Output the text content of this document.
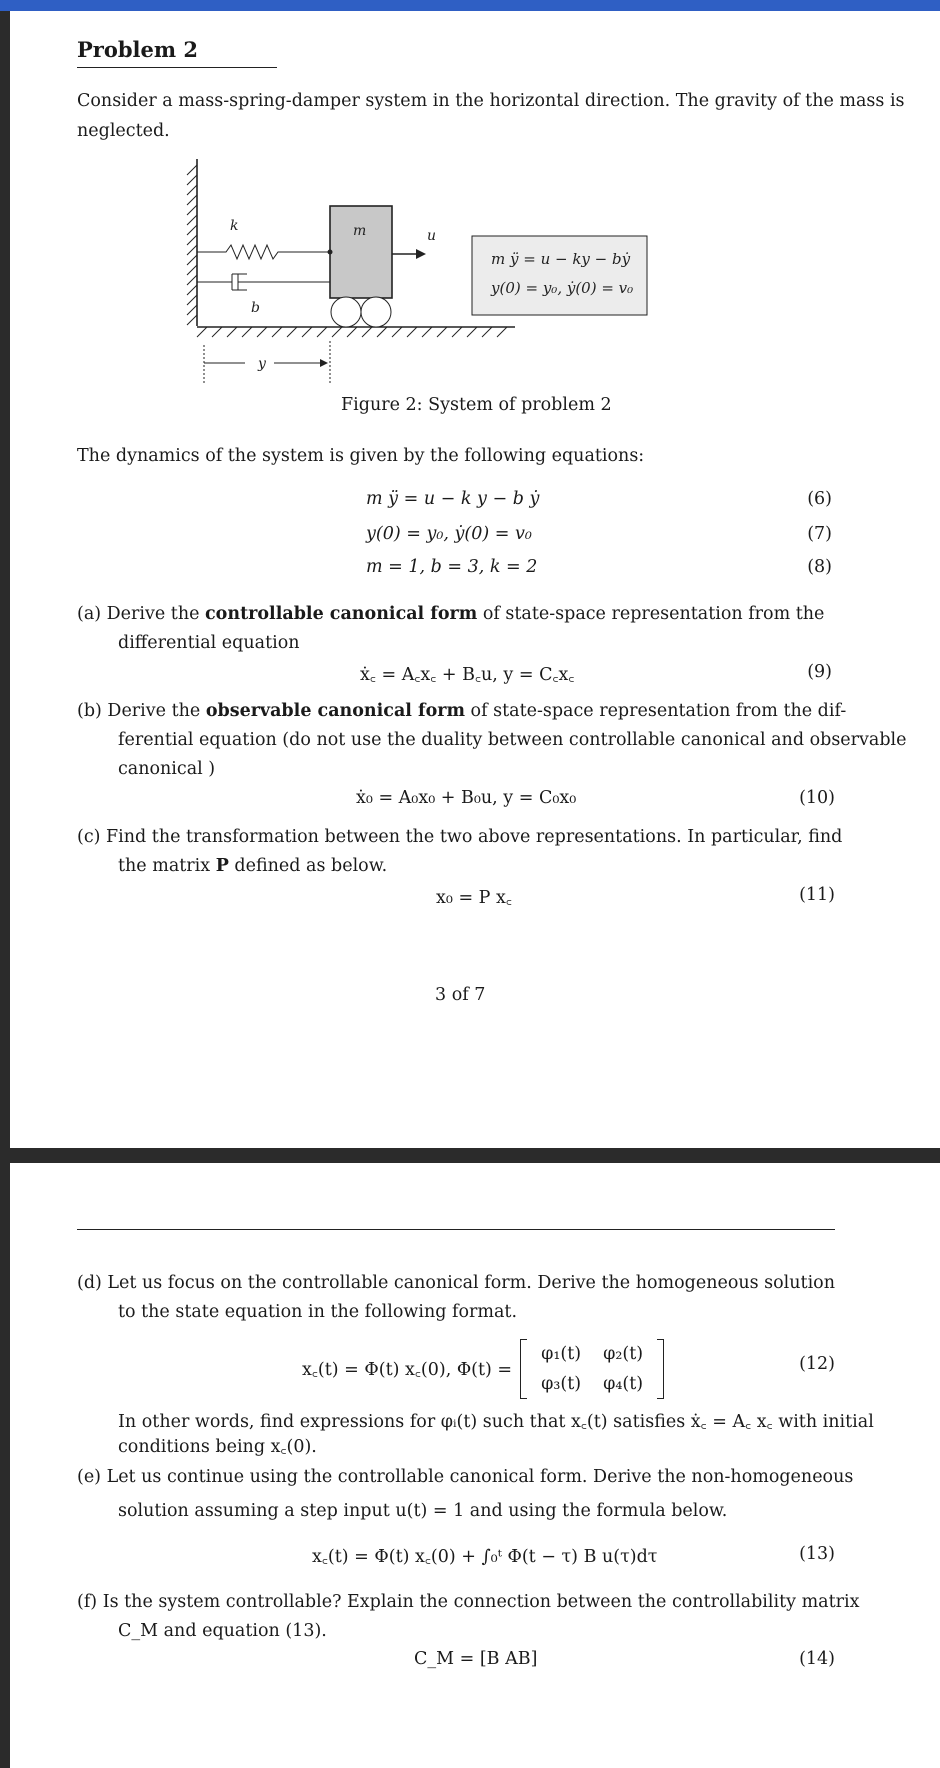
Problem 2
Consider a mass-spring-damper system in the horizontal direction. The gravity of the mass is
neglected.
k
b
m	u
m ÿ = u − ky − bẏ
y(0) = y₀, ẏ(0) = v₀
y
Figure 2: System of problem 2
The dynamics of the system is given by the following equations:
m ÿ = u − k y − b ẏ	(6)
y(0) = y₀, ẏ(0) = v₀	(7)
m = 1, b = 3, k = 2	(8)
(a) Derive the controllable canonical form of state-space representation from the
differential equation
ẋ꜀ = A꜀x꜀ + B꜀u, y = C꜀x꜀	(9)
(b) Derive the observable canonical form of state-space representation from the dif-
ferential equation (do not use the duality between controllable canonical and observable
canonical )
ẋ₀ = A₀x₀ + B₀u, y = C₀x₀	(10)
(c) Find the transformation between the two above representations. In particular, find
the matrix P defined as below.
x₀ = P x꜀	(11)
3 of 7
(d) Let us focus on the controllable canonical form. Derive the homogeneous solution
to the state equation in the following format.
x꜀(t) = Φ(t) x꜀(0), Φ(t) =
φ₁(t) φ₂(t)
φ₃(t) φ₄(t)
(12)
In other words, find expressions for φᵢ(t) such that x꜀(t) satisfies ẋ꜀ = A꜀ x꜀ with initial
conditions being x꜀(0).
(e) Let us continue using the controllable canonical form. Derive the non-homogeneous
solution assuming a step input u(t) = 1 and using the formula below.
x꜀(t) = Φ(t) x꜀(0) + ∫₀ᵗ Φ(t − τ) B u(τ)dτ	(13)
(f) Is the system controllable? Explain the connection between the controllability matrix
C_M and equation (13).
C_M = [B AB]	(14)
